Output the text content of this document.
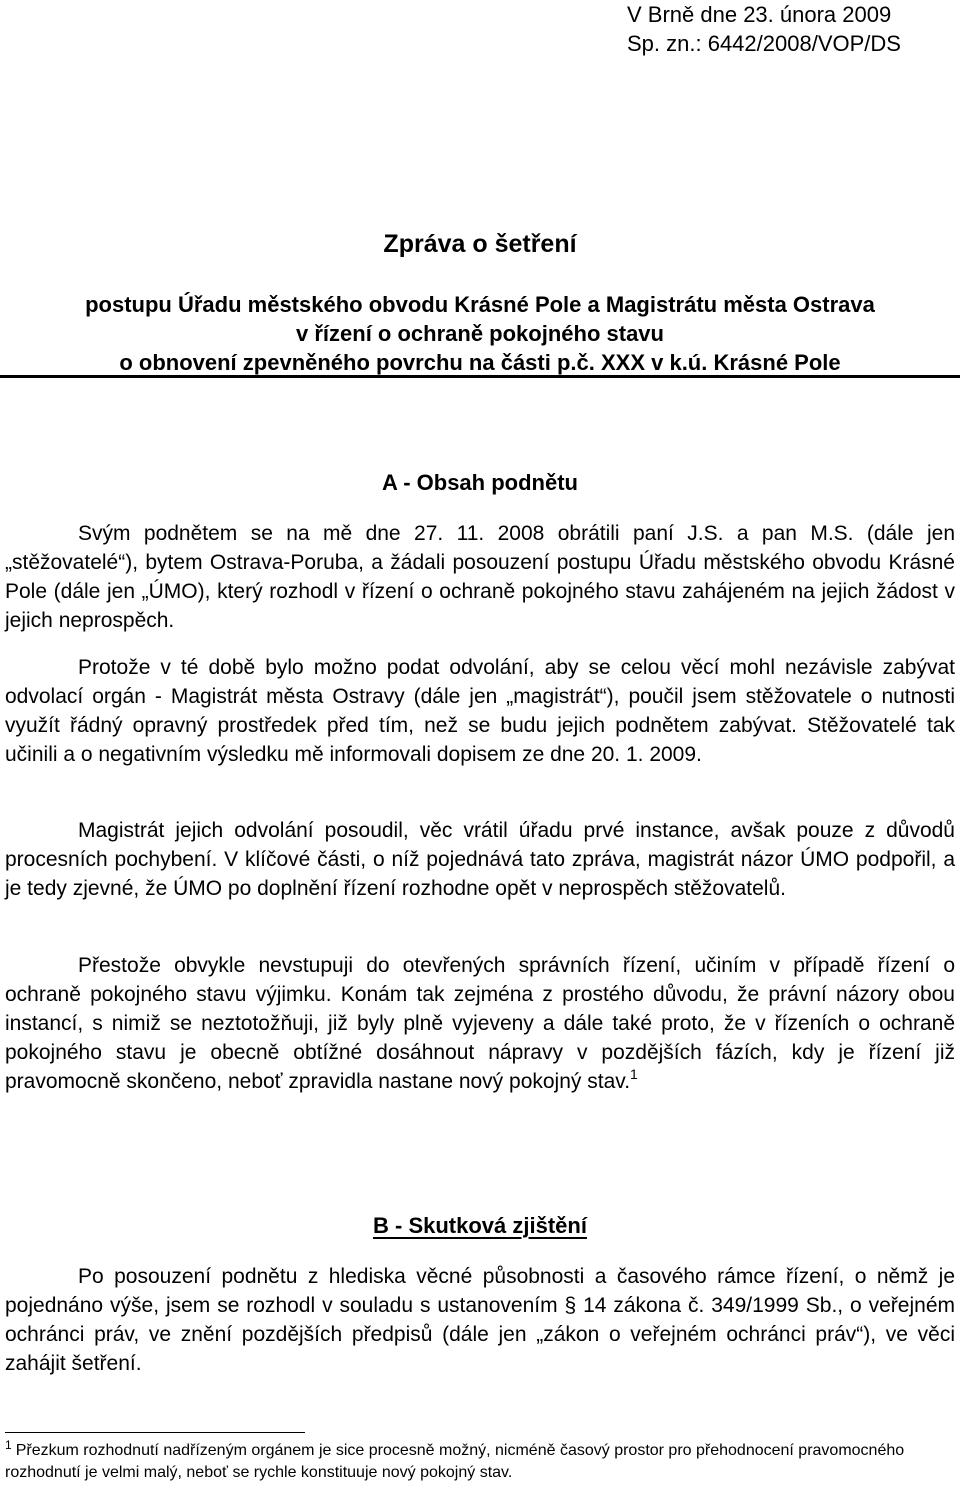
V Brně dne 23. února 2009
Sp. zn.: 6442/2008/VOP/DS
Zpráva o šetření
postupu Úřadu městského obvodu Krásné Pole a Magistrátu města Ostrava
v řízení o ochraně pokojného stavu
o obnovení zpevněného povrchu na části p.č. XXX v k.ú. Krásné Pole
A - Obsah podnětu

Svým podnětem se na mě dne 27. 11. 2008 obrátili paní J.S. a pan M.S. (dále jen „stěžovatelé“), bytem Ostrava-Poruba, a žádali posouzení postupu Úřadu městského obvodu Krásné Pole (dále jen „ÚMO), který rozhodl v řízení o ochraně pokojného stavu zahájeném na jejich žádost v jejich neprospěch.

Protože v té době bylo možno podat odvolání, aby se celou věcí mohl nezávisle zabývat odvolací orgán - Magistrát města Ostravy (dále jen „magistrát“), poučil jsem stěžovatele o nutnosti využít řádný opravný prostředek před tím, než se budu jejich podnětem zabývat. Stěžovatelé tak učinili a o negativním výsledku mě informovali dopisem ze dne 20. 1. 2009.

Magistrát jejich odvolání posoudil, věc vrátil úřadu prvé instance, avšak pouze z důvodů procesních pochybení. V klíčové části, o níž pojednává tato zpráva, magistrát názor ÚMO podpořil, a je tedy zjevné, že ÚMO po doplnění řízení rozhodne opět v neprospěch stěžovatelů.

Přestože obvykle nevstupuji do otevřených správních řízení, učiním v případě řízení o ochraně pokojného stavu výjimku. Konám tak zejména z prostého důvodu, že právní názory obou instancí, s nimiž se neztotožňuji, již byly plně vyjeveny a dále také proto, že v řízeních o ochraně pokojného stavu je obecně obtížné dosáhnout nápravy v pozdějších fázích, kdy je řízení již pravomocně skončeno, neboť zpravidla nastane nový pokojný stav.$^1$

B - Skutková zjištění

Po posouzení podnětu z hlediska věcné působnosti a časového rámce řízení, o němž je pojednáno výše, jsem se rozhodl v souladu s ustanovením § 14 zákona č. 349/1999 Sb., o veřejném ochránci práv, ve znění pozdějších předpisů (dále jen „zákon o veřejném ochránci práv“), ve věci zahájit šetření.

$^1$ Přezkum rozhodnutí nadřízeným orgánem je sice procesně možný, nicméně časový prostor pro přehodnocení pravomocného rozhodnutí je velmi malý, neboť se rychle konstituuje nový pokojný stav.
